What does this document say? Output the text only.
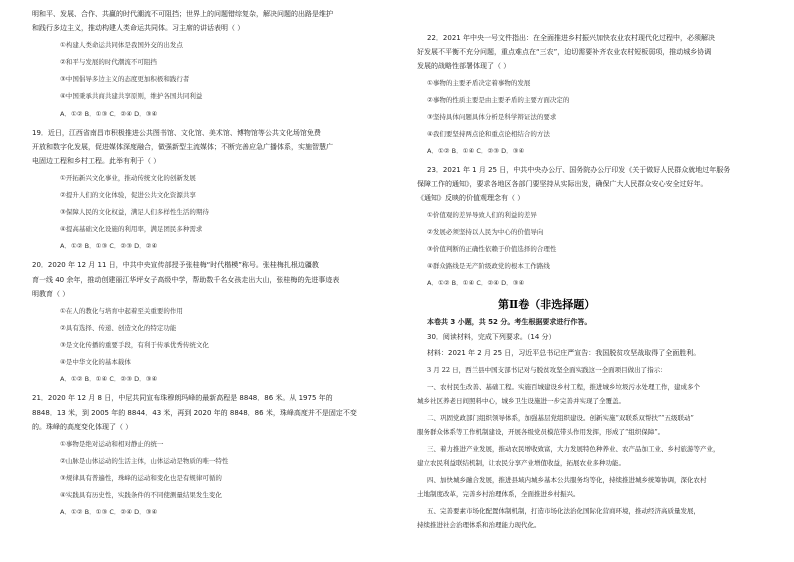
明和平、发展、合作、共赢的时代潮流不可阻挡；世界上的问题错综复杂，解决问题的出路是维护
和践行多边主义，推动构建人类命运共同体。习主席的讲话表明（ ）
①构建人类命运共同体是我国外交的出发点
②和平与发展的时代潮流不可阻挡
③中国倡导多边主义的态度更加积极和践行者
④中国秉承共商共建共享原则，维护各国共同利益
A．①② B．①③ C．②④ D．③④
19．近日，江西省南昌市积极推进公共图书馆、文化馆、美术馆、博物馆等公共文化场馆免费
开放和数字化发展，促进媒体深度融合，做强新型主流媒体；不断完善应急广播体系，实施智慧广
电固边工程和乡村工程。此举有利于（ ）
①开拓新兴文化事业，推动传统文化的创新发展
②提升人们的文化体验，促进公共文化资源共享
③保障人民的文化权益，满足人们多样性生活的期待
④提高基础文化设施的利用率，满足团民多种需求
A．①② B．①③ C．②③ D．②④
20．2020 年 12 月 11 日，中共中央宣传部授予张桂梅“时代楷模”称号。张桂梅扎根边疆教
育一线 40 余年，推动创建丽江华坪女子高级中学，帮助数千名女孩走出大山，张桂梅的先进事迹表
明教育（ ）
①在人的教化与培育中起着至关重要的作用
②具有选择、传递、创造文化的特定功能
③是文化传播的重要手段，有利于传承优秀传统文化
④是中华文化的基本载体
A．①② B．①④ C．②③ D．③④
21．2020 年 12 月 8 日，中尼共同宣布珠穆朗玛峰的最新高程是 8848．86 米。从 1975 年的
8848．13 米，到 2005 年的 8844．43 米，再到 2020 年的 8848．86 米，珠峰高度并不是固定不变
的。珠峰的高度变化体现了（ ）
①事物是绝对运动和相对静止的统一
②山脉是山体运动的生活主体，山体运动是物质的唯一特性
③规律具有普遍性，珠峰的运动和变化也是有规律可循的
④实践具有历史性，实践条件的不同使测量结果发生变化
A．①② B．①③ C．②④ D．③④
22．2021 年中央一号文件指出：在全面推进乡村振兴加快农业农村现代化过程中，必须解决
好发展不平衡不充分问题，重点难点在“三农”，迫切需要补齐农业农村短板弱项，推动城乡协调
发展的战略性部署体现了（ ）
①事物的主要矛盾决定着事物的发展
②事物的性质主要是由主要矛盾的主要方面决定的
③坚持具体问题具体分析是科学辩证法的要求
④我们要坚持两点论和重点论相结合的方法
A．①② B．①④ C．②③ D．③④
23．2021 年 1 月 25 日，中共中央办公厅、国务院办公厅印发《关于做好人民群众就地过年服务
保障工作的通知》，要求各地区各部门要坚持从实际出发，确保广大人民群众安心安全过好年。
《通知》反映的价值观理念有（ ）
①价值观的差异导致人们的利益的差异
②发展必须坚持以人民为中心的价值导向
③价值判断的正确性依赖于价值选择的合理性
④群众路线是无产阶级政党的根本工作路线
A．①② B．①④ C．②④ D．③④
第Ⅱ卷（非选择题）
本卷共 3 小题，共 52 分。考生根据要求进行作答。
30．阅读材料，完成下列要求。（14 分）
材料：2021 年 2 月 25 日，习近平总书记庄严宣告：我国脱贫攻坚战取得了全面胜利。
3 月 22 日，西兰县中国支部书记对与脱贫攻坚全面实践这一全面项目做出了指示：
一、农村民生改善、基础工程。实施百城建设乡村工程，推进城乡垃圾污水处理工作，建成多个
城乡社区养老日间照料中心，城乡卫生设施进一步完善并实现了全覆盖。
二、巩固党政部门组织领导体系，加强基层党组织建设。创新实施“双联系双帮扶”“五级联动”
服务群众体系等工作机制建设，开展各级党员模范带头作用发挥，形成了“组织保障”。
三、着力推进产业发展，推动农民增收致富，大力发展特色种养业、农产品加工业、乡村旅游等产业，
建立农民利益联结机制，让农民分享产业增值收益，拓展农业多种功能。
四、加快城乡融合发展，推进县域内城乡基本公共服务均等化，持续推进城乡统筹协调，深化农村
土地制度改革，完善乡村治理体系，全面推进乡村振兴。
五、完善要素市场化配置体制机制，打造市场化法治化国际化营商环境，推动经济高质量发展，
持续推进社会治理体系和治理能力现代化。
